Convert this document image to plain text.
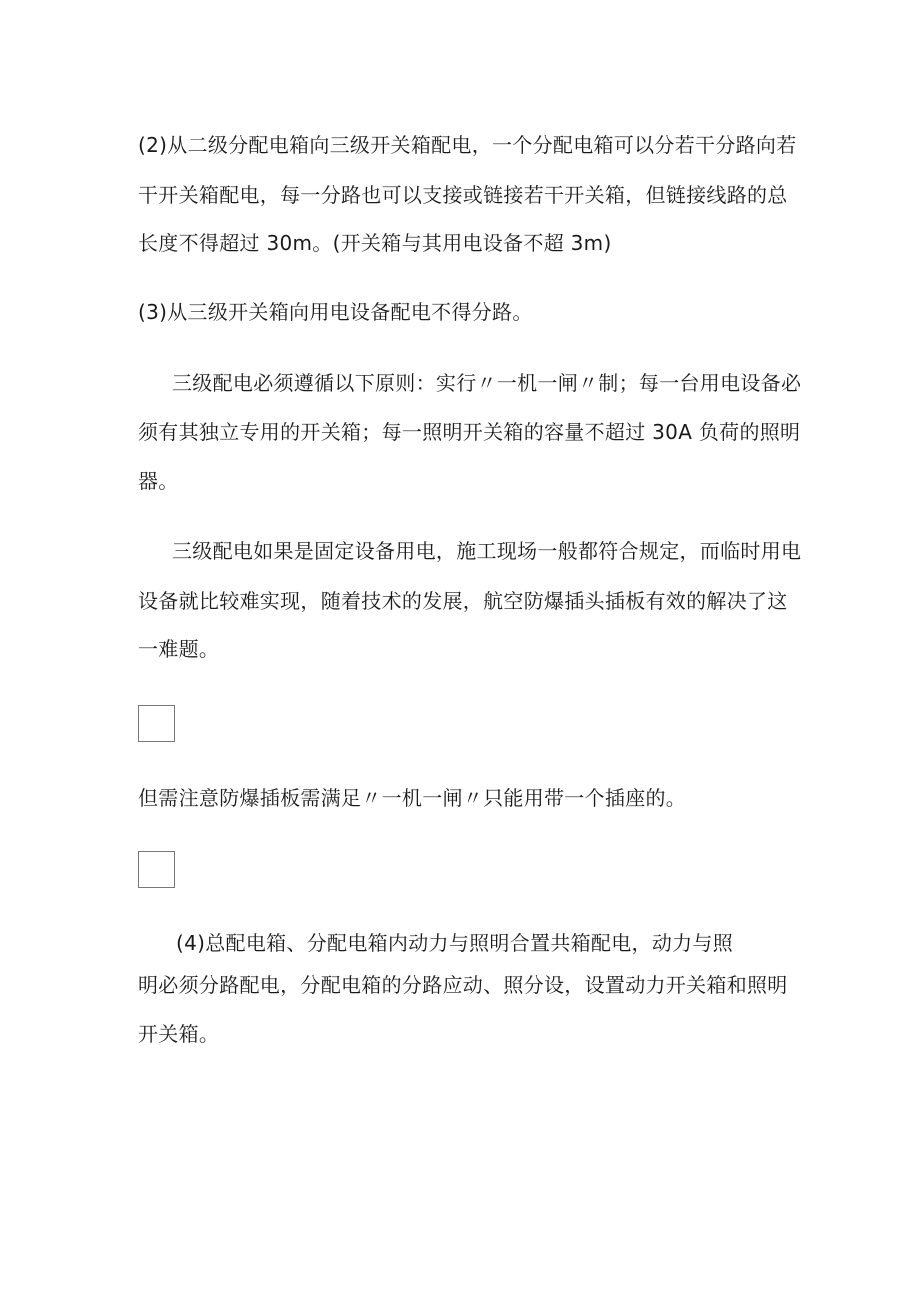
(2)从二级分配电箱向三级开关箱配电，一个分配电箱可以分若干分路向若
干开关箱配电，每一分路也可以支接或链接若干开关箱，但链接线路的总
长度不得超过 30m。(开关箱与其用电设备不超 3m)
(3)从三级开关箱向用电设备配电不得分路。
三级配电必须遵循以下原则：实行〃一机一闸〃制；每一台用电设备必
须有其独立专用的开关箱；每一照明开关箱的容量不超过 30A 负荷的照明
器。
三级配电如果是固定设备用电，施工现场一般都符合规定，而临时用电
设备就比较难实现，随着技术的发展，航空防爆插头插板有效的解决了这
一难题。
但需注意防爆插板需满足〃一机一闸〃只能用带一个插座的。
(4)总配电箱、分配电箱内动力与照明合置共箱配电，动力与照
明必须分路配电，分配电箱的分路应动、照分设，设置动力开关箱和照明
开关箱。
